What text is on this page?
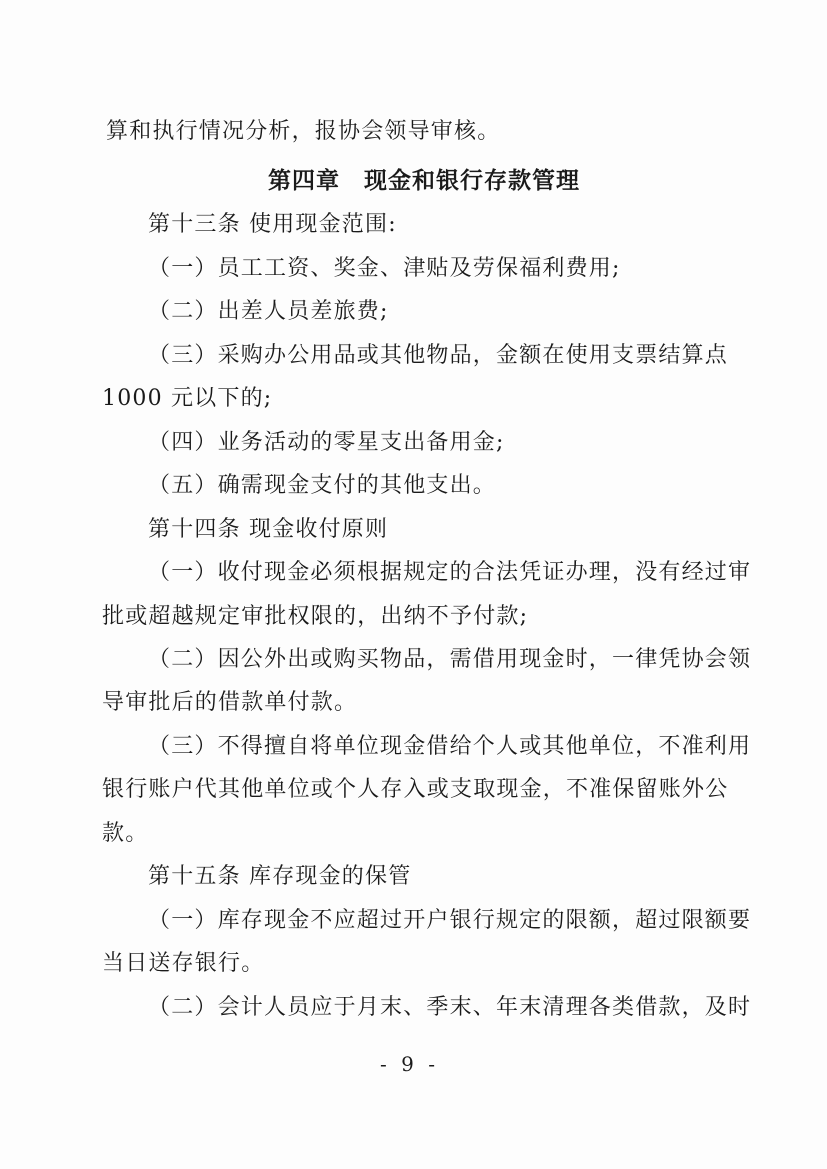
算和执行情况分析，报协会领导审核。
第四章　现金和银行存款管理
第十三条 使用现金范围:
（一）员工工资、奖金、津贴及劳保福利费用;
（二）出差人员差旅费;
（三）采购办公用品或其他物品，金额在使用支票结算点
1000 元以下的;
（四）业务活动的零星支出备用金;
（五）确需现金支付的其他支出。
第十四条 现金收付原则
（一）收付现金必须根据规定的合法凭证办理，没有经过审
批或超越规定审批权限的，出纳不予付款;
（二）因公外出或购买物品，需借用现金时，一律凭协会领
导审批后的借款单付款。
（三）不得擅自将单位现金借给个人或其他单位，不准利用
银行账户代其他单位或个人存入或支取现金，不准保留账外公
款。
第十五条 库存现金的保管
（一）库存现金不应超过开户银行规定的限额，超过限额要
当日送存银行。
（二）会计人员应于月末、季末、年末清理各类借款，及时
- 9 -
